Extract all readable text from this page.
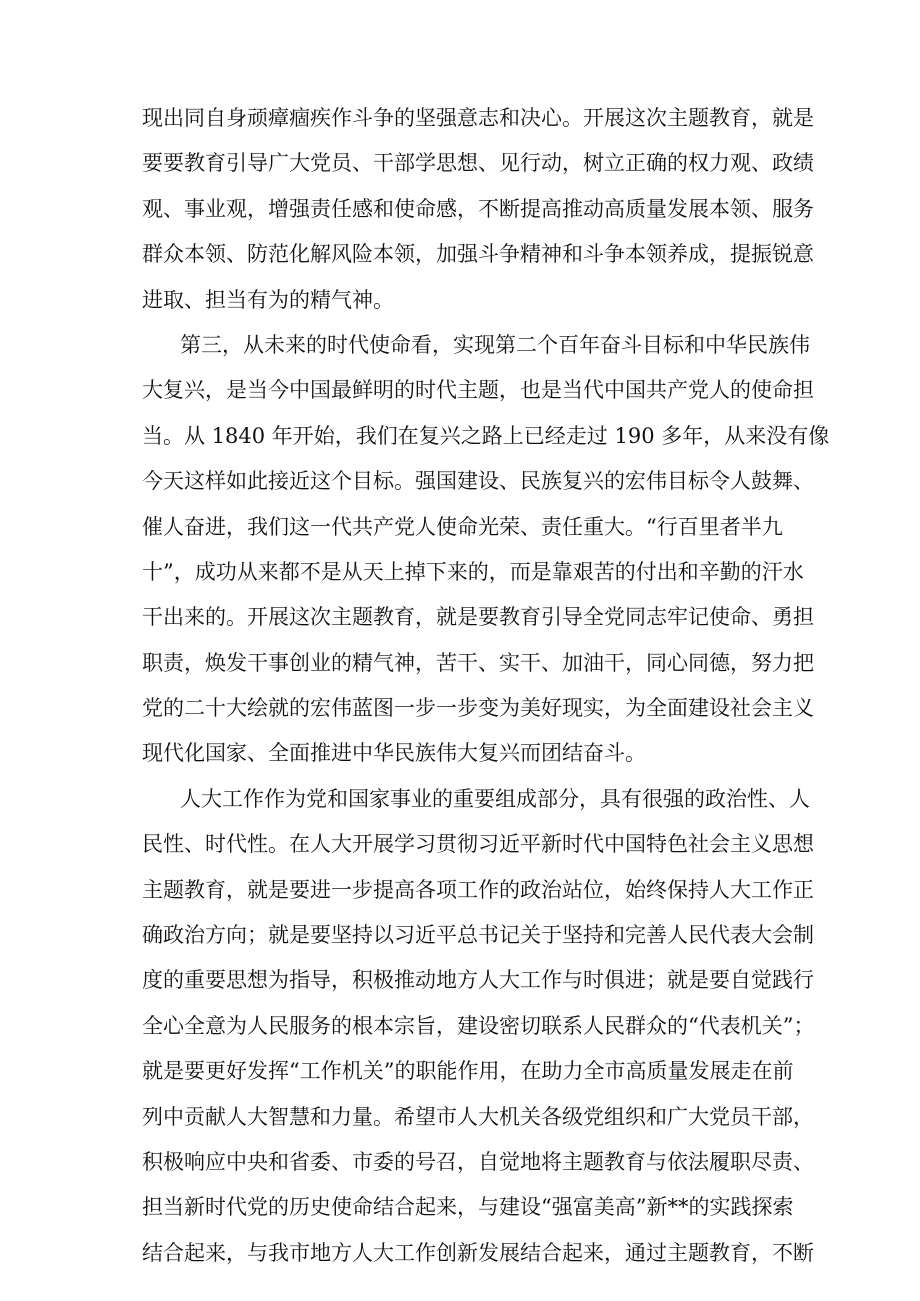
现出同自身顽瘴痼疾作斗争的坚强意志和决心。开展这次主题教育，就是
要要教育引导广大党员、干部学思想、见行动，树立正确的权力观、政绩
观、事业观，增强责任感和使命感，不断提高推动高质量发展本领、服务
群众本领、防范化解风险本领，加强斗争精神和斗争本领养成，提振锐意
进取、担当有为的精气神。
第三，从未来的时代使命看，实现第二个百年奋斗目标和中华民族伟
大复兴，是当今中国最鲜明的时代主题，也是当代中国共产党人的使命担
当。从 1840 年开始，我们在复兴之路上已经走过 190 多年，从来没有像
今天这样如此接近这个目标。强国建设、民族复兴的宏伟目标令人鼓舞、
催人奋进，我们这一代共产党人使命光荣、责任重大。“行百里者半九
十”，成功从来都不是从天上掉下来的，而是靠艰苦的付出和辛勤的汗水
干出来的。开展这次主题教育，就是要教育引导全党同志牢记使命、勇担
职责，焕发干事创业的精气神，苦干、实干、加油干，同心同德，努力把
党的二十大绘就的宏伟蓝图一步一步变为美好现实，为全面建设社会主义
现代化国家、全面推进中华民族伟大复兴而团结奋斗。
人大工作作为党和国家事业的重要组成部分，具有很强的政治性、人
民性、时代性。在人大开展学习贯彻习近平新时代中国特色社会主义思想
主题教育，就是要进一步提高各项工作的政治站位，始终保持人大工作正
确政治方向；就是要坚持以习近平总书记关于坚持和完善人民代表大会制
度的重要思想为指导，积极推动地方人大工作与时俱进；就是要自觉践行
全心全意为人民服务的根本宗旨，建设密切联系人民群众的“代表机关”；
就是要更好发挥“工作机关”的职能作用，在助力全市高质量发展走在前
列中贡献人大智慧和力量。希望市人大机关各级党组织和广大党员干部，
积极响应中央和省委、市委的号召，自觉地将主题教育与依法履职尽责、
担当新时代党的历史使命结合起来，与建设“强富美高”新**的实践探索
结合起来，与我市地方人大工作创新发展结合起来，通过主题教育，不断
